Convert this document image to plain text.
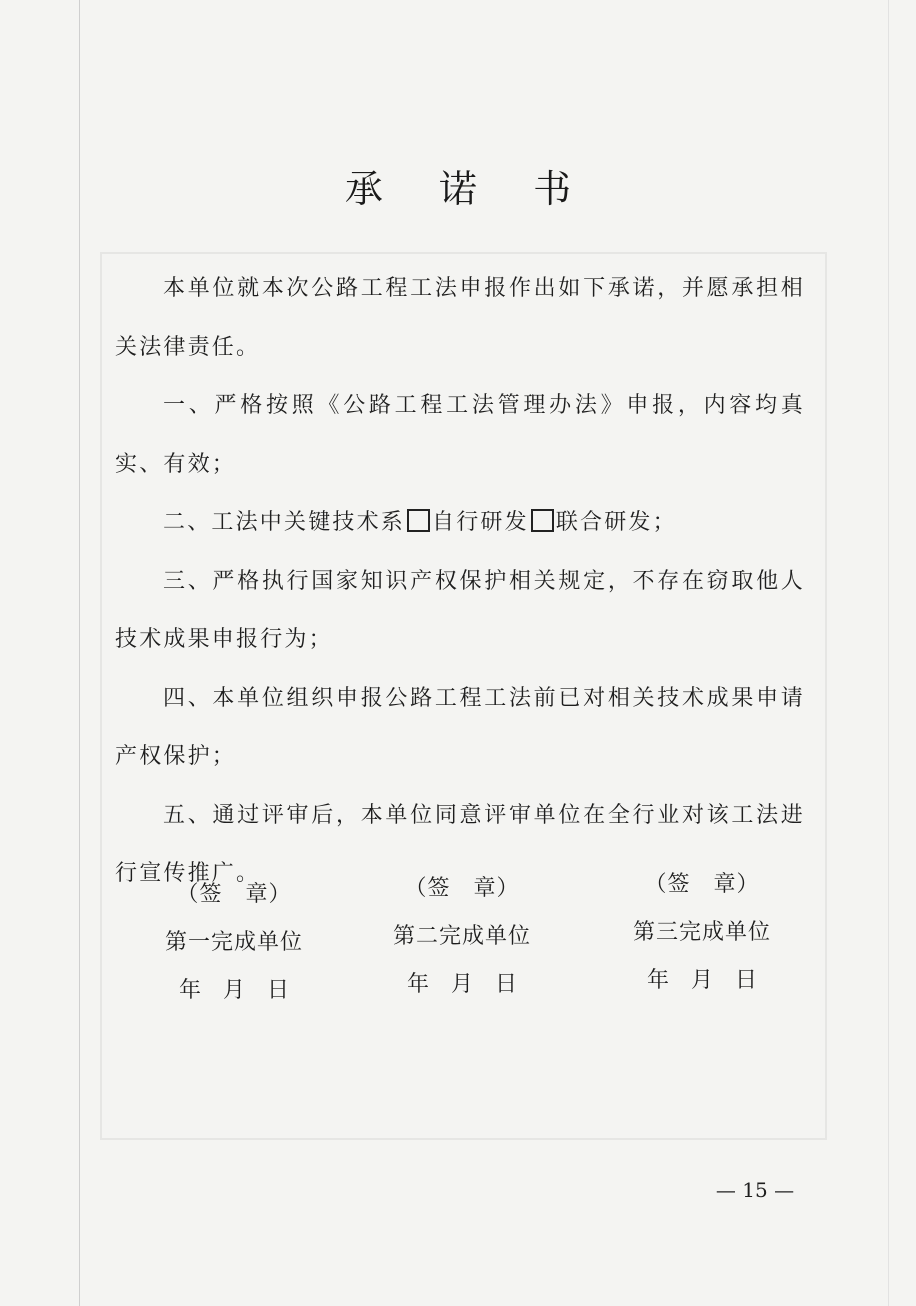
承 诺 书

本单位就本次公路工程工法申报作出如下承诺，并愿承担相关法律责任。

一、严格按照《公路工程工法管理办法》申报，内容均真实、有效；

二、工法中关键技术系 自行研发 联合研发；

三、严格执行国家知识产权保护相关规定，不存在窃取他人技术成果申报行为；

四、本单位组织申报公路工程工法前已对相关技术成果申请产权保护；

五、通过评审后，本单位同意评审单位在全行业对该工法进行宣传推广。

（签　章）
第一完成单位
年　月　日
（签　章）
第二完成单位
年　月　日
（签　章）
第三完成单位
年　月　日
— 15 —
